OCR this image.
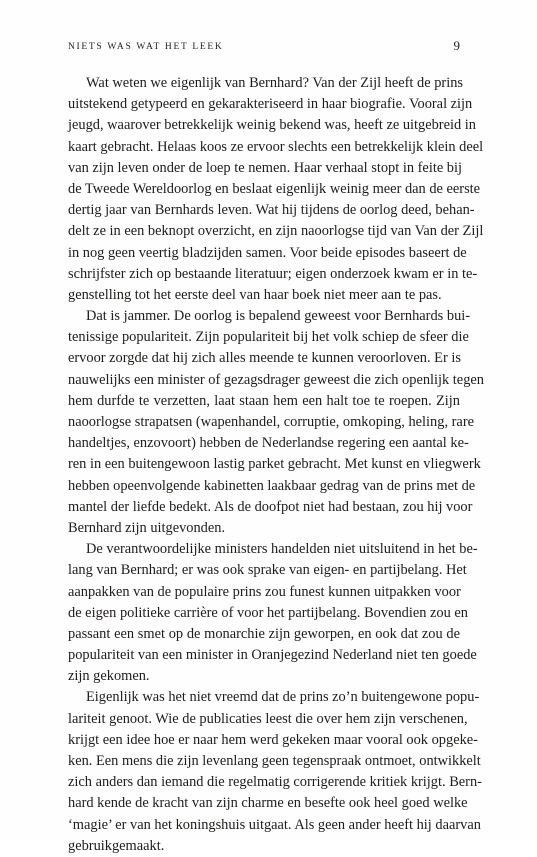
NIETS WAS WAT HET LEEK	9
Wat weten we eigenlijk van Bernhard? Van der Zijl heeft de prins
uitstekend getypeerd en gekarakteriseerd in haar biografie. Vooral zijn
jeugd, waarover betrekkelijk weinig bekend was, heeft ze uitgebreid in
kaart gebracht. Helaas koos ze ervoor slechts een betrekkelijk klein deel
van zijn leven onder de loep te nemen. Haar verhaal stopt in feite bij
de Tweede Wereldoorlog en beslaat eigenlijk weinig meer dan de eerste
dertig jaar van Bernhards leven. Wat hij tijdens de oorlog deed, behan-
delt ze in een beknopt overzicht, en zijn naoorlogse tijd van Van der Zijl
in nog geen veertig bladzijden samen. Voor beide episodes baseert de
schrijfster zich op bestaande literatuur; eigen onderzoek kwam er in te-
genstelling tot het eerste deel van haar boek niet meer aan te pas.
Dat is jammer. De oorlog is bepalend geweest voor Bernhards bui-
tenissige populariteit. Zijn populariteit bij het volk schiep de sfeer die
ervoor zorgde dat hij zich alles meende te kunnen veroorloven. Er is
nauwelijks een minister of gezagsdrager geweest die zich openlijk tegen
hem durfde te verzetten, laat staan hem een halt toe te roepen. Zijn
naoorlogse strapatsen (wapenhandel, corruptie, omkoping, heling, rare
handeltjes, enzovoort) hebben de Nederlandse regering een aantal ke-
ren in een buitengewoon lastig parket gebracht. Met kunst en vliegwerk
hebben opeenvolgende kabinetten laakbaar gedrag van de prins met de
mantel der liefde bedekt. Als de doofpot niet had bestaan, zou hij voor
Bernhard zijn uitgevonden.
De verantwoordelijke ministers handelden niet uitsluitend in het be-
lang van Bernhard; er was ook sprake van eigen- en partijbelang. Het
aanpakken van de populaire prins zou funest kunnen uitpakken voor
de eigen politieke carrière of voor het partijbelang. Bovendien zou en
passant een smet op de monarchie zijn geworpen, en ook dat zou de
populariteit van een minister in Oranjegezind Nederland niet ten goede
zijn gekomen.
Eigenlijk was het niet vreemd dat de prins zo’n buitengewone popu-
lariteit genoot. Wie de publicaties leest die over hem zijn verschenen,
krijgt een idee hoe er naar hem werd gekeken maar vooral ook opgeke-
ken. Een mens die zijn levenlang geen tegenspraak ontmoet, ontwikkelt
zich anders dan iemand die regelmatig corrigerende kritiek krijgt. Bern-
hard kende de kracht van zijn charme en besefte ook heel goed welke
‘magie’ er van het koningshuis uitgaat. Als geen ander heeft hij daarvan
gebruikgemaakt.
